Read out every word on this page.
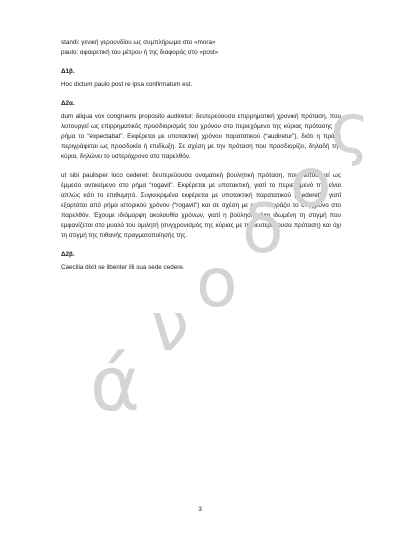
standi: γενική γερουνδίου ως συμπλήρωμα στο «mora»
paulo: αφαιρετική του μέτρου ή της διαφοράς στο «post»
Δ1β.
Hoc dictum paulo post re ipsa confirmatum est.
Δ2α.
dum aliqua vox congruens proposito audiretur: δευτερεύουσα επιρρηματική χρονική πρόταση, που λειτουργεί ως επιρρηματικός προσδιορισμός του χρόνου στο περιεχόμενο της κύριας πρότασης με ρήμα το “expectabat”. Εκφέρεται με υποτακτική χρόνου παρατατικού (“audiretur”), διότι η πράξη περιγράφεται ως προσδοκία ή επιδίωξη. Σε σχέση με την πρόταση που προσδιορίζει, δηλαδή την κύρια, δηλώνει το υστερόχρονο στο παρελθόν.
ut sibi paulisper loco cederet: δευτερεύουσα ονοματική βουλητική πρόταση, που λειτουργεί ως έμμεσο αντικείμενο στο ρήμα “rogavit”. Εκφέρεται με υποτακτική, γιατί το περιεχόμενό της είναι απλώς κάτι το επιθυμητό. Συγκεκριμένα εκφέρεται με υποτακτική παρατατικού (“cederet”), γιατί εξαρτάται από ρήμα ιστορικού χρόνου (“rogavit”) και σε σχέση με αυτό εκφράζει το σύγχρονο στο παρελθόν. Έχουμε ιδιόμορφη ακολουθία χρόνων, γιατί η βούληση είναι ιδωμένη τη στιγμή που εμφανίζεται στο μυαλό του ομιλητή (συγχρονισμός της κύριας με τη δευτερεύουσα πρόταση) και όχι τη στιγμή της πιθανής πραγματοποίησής της.
Δ2β.
Caecilia dixit se libenter illi sua sede cedere.
ά
ν
ο
δ
ο
ς
3
